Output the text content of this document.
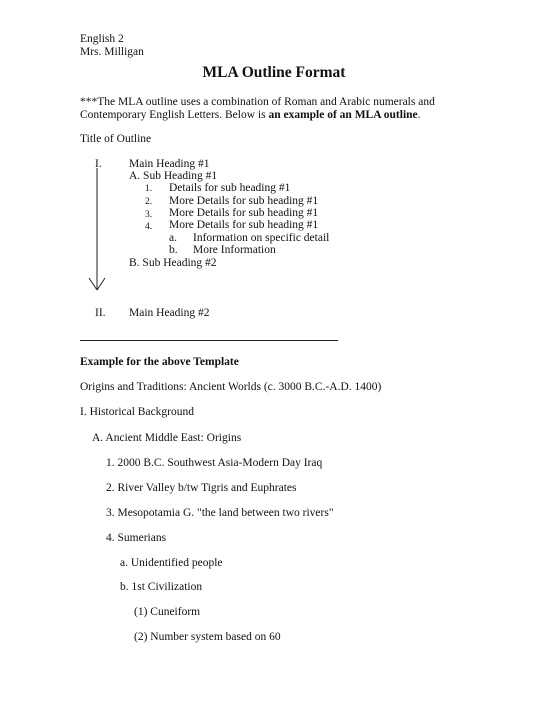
English 2
Mrs. Milligan
MLA Outline Format
***The MLA outline uses a combination of Roman and Arabic numerals and
Contemporary English Letters. Below is an example of an MLA outline.
Title of Outline
I. Main Heading #1
A. Sub Heading #1
1. Details for sub heading #1
2. More Details for sub heading #1
3. More Details for sub heading #1
4. More Details for sub heading #1
a. Information on specific detail
b. More Information
B. Sub Heading #2
II. Main Heading #2
Example for the above Template
Origins and Traditions: Ancient Worlds (c. 3000 B.C.-A.D. 1400)
I. Historical Background
A. Ancient Middle East: Origins
1. 2000 B.C. Southwest Asia-Modern Day Iraq
2. River Valley b/tw Tigris and Euphrates
3. Mesopotamia G. "the land between two rivers"
4. Sumerians
a. Unidentified people
b. 1st Civilization
(1) Cuneiform
(2) Number system based on 60
